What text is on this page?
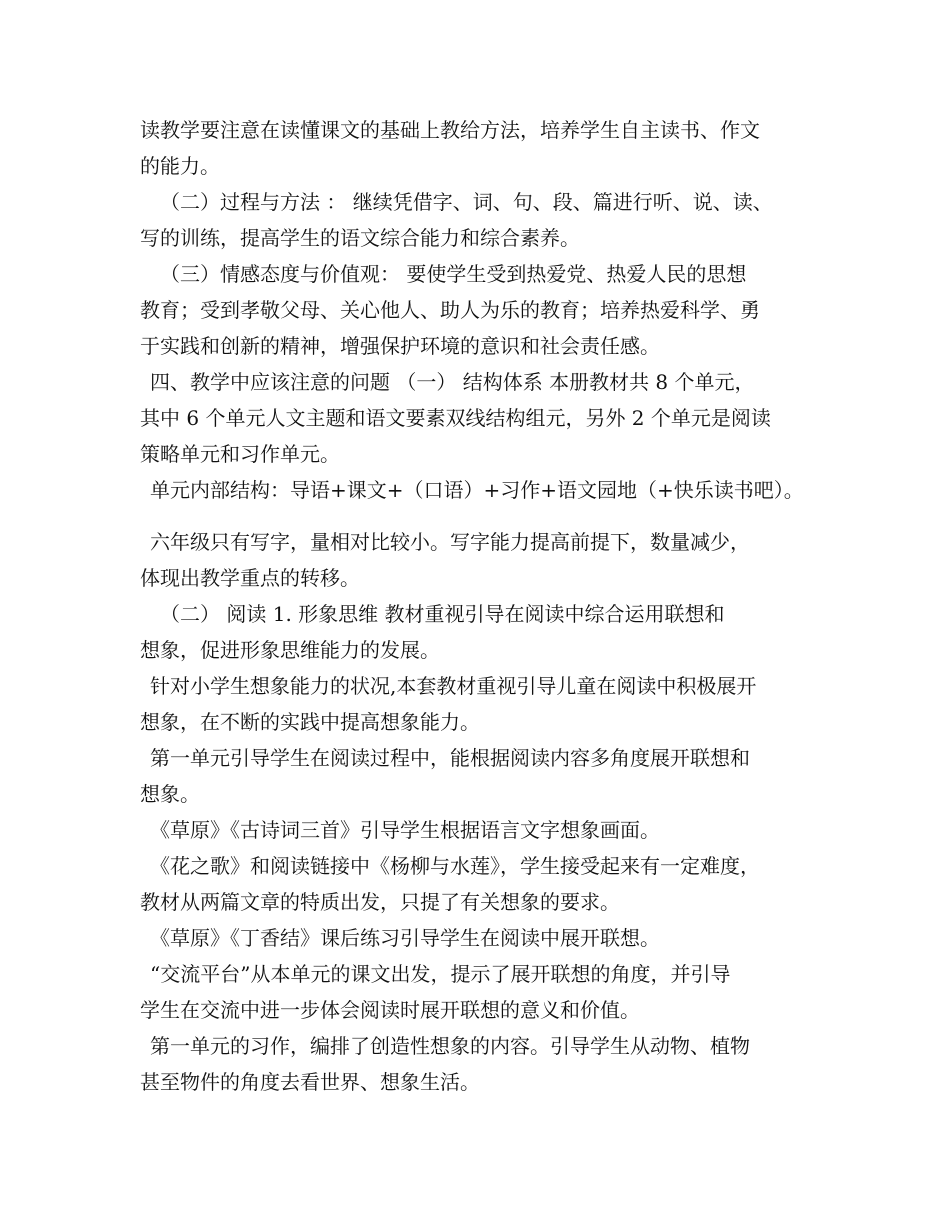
读教学要注意在读懂课文的基础上教给方法，培养学生自主读书、作文
的能力。
（二）过程与方法 ： 继续凭借字、词、句、段、篇进行听、说、读、
写的训练，提高学生的语文综合能力和综合素养。
（三）情感态度与价值观： 要使学生受到热爱党、热爱人民的思想
教育；受到孝敬父母、关心他人、助人为乐的教育；培养热爱科学、勇
于实践和创新的精神，增强保护环境的意识和社会责任感。
四、教学中应该注意的问题 （一） 结构体系 本册教材共 8 个单元，
其中 6 个单元人文主题和语文要素双线结构组元，另外 2 个单元是阅读
策略单元和习作单元。
单元内部结构：导语+课文+（口语）+习作+语文园地（+快乐读书吧）。
六年级只有写字，量相对比较小。写字能力提高前提下，数量减少，
体现出教学重点的转移。
（二） 阅读 1. 形象思维 教材重视引导在阅读中综合运用联想和
想象，促进形象思维能力的发展。
针对小学生想象能力的状况,本套教材重视引导儿童在阅读中积极展开
想象，在不断的实践中提高想象能力。
第一单元引导学生在阅读过程中，能根据阅读内容多角度展开联想和
想象。
《草原》《古诗词三首》引导学生根据语言文字想象画面。
《花之歌》和阅读链接中《杨柳与水莲》，学生接受起来有一定难度，
教材从两篇文章的特质出发，只提了有关想象的要求。
《草原》《丁香结》课后练习引导学生在阅读中展开联想。
“交流平台”从本单元的课文出发，提示了展开联想的角度，并引导
学生在交流中进一步体会阅读时展开联想的意义和价值。
第一单元的习作，编排了创造性想象的内容。引导学生从动物、植物
甚至物件的角度去看世界、想象生活。
